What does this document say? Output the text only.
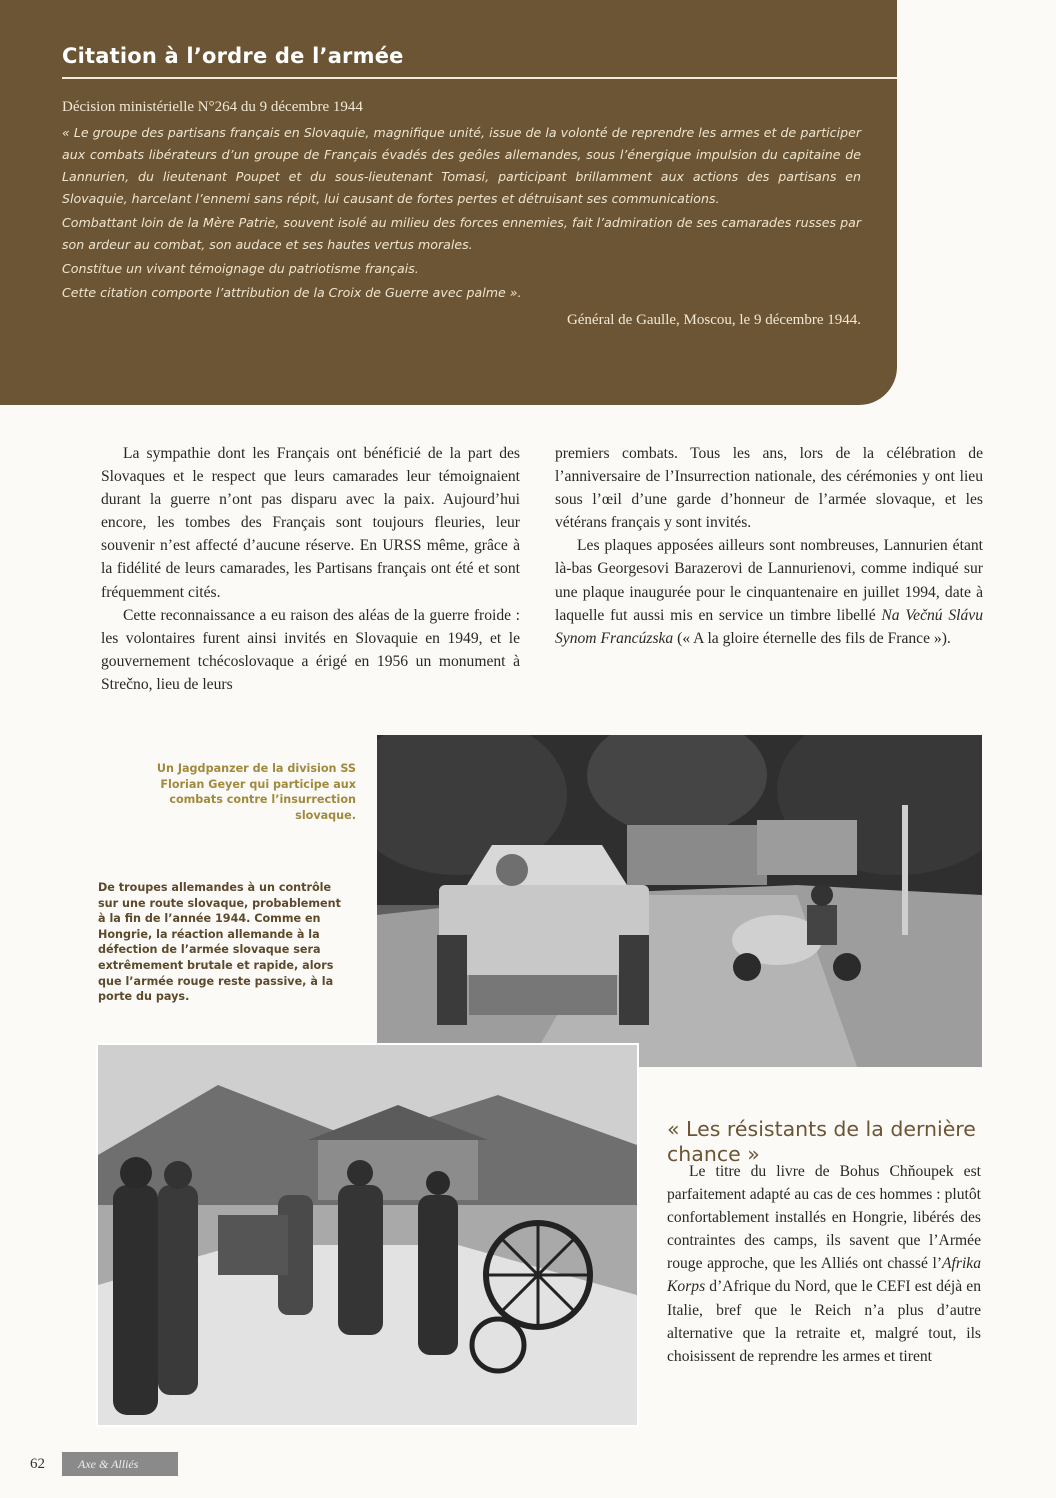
Citation à l’ordre de l’armée

Décision ministérielle N°264 du 9 décembre 1944

« Le groupe des partisans français en Slovaquie, magnifique unité, issue de la volonté de reprendre les armes et de participer aux combats libérateurs d’un groupe de Français évadés des geôles allemandes, sous l’énergique impulsion du capitaine de Lannurien, du lieutenant Poupet et du sous-lieutenant Tomasi, participant brillamment aux actions des partisans en Slovaquie, harcelant l’ennemi sans répit, lui causant de fortes pertes et détruisant ses communications.

Combattant loin de la Mère Patrie, souvent isolé au milieu des forces ennemies, fait l’admiration de ses camarades russes par son ardeur au combat, son audace et ses hautes vertus morales.

Constitue un vivant témoignage du patriotisme français.

Cette citation comporte l’attribution de la Croix de Guerre avec palme ».

Général de Gaulle, Moscou, le 9 décembre 1944.

La sympathie dont les Français ont bénéficié de la part des Slovaques et le respect que leurs camarades leur témoignaient durant la guerre n’ont pas disparu avec la paix. Aujourd’hui encore, les tombes des Français sont toujours fleuries, leur souvenir n’est affecté d’aucune réserve. En URSS même, grâce à la fidélité de leurs camarades, les Partisans français ont été et sont fréquemment cités.

Cette reconnaissance a eu raison des aléas de la guerre froide : les volontaires furent ainsi invités en Slovaquie en 1949, et le gouvernement tchécoslovaque a érigé en 1956 un monument à Strečno, lieu de leurs

premiers combats. Tous les ans, lors de la célébration de l’anniversaire de l’Insurrection nationale, des cérémonies y ont lieu sous l’œil d’une garde d’honneur de l’armée slovaque, et les vétérans français y sont invités.

Les plaques apposées ailleurs sont nombreuses, Lannurien étant là-bas Georgesovi Barazerovi de Lannurienovi, comme indiqué sur une plaque inaugurée pour le cinquantenaire en juillet 1994, date à laquelle fut aussi mis en service un timbre libellé Na Večnú Slávu Synom Francúzska (« A la gloire éternelle des fils de France »).

Un Jagdpanzer de la division SS Florian Geyer qui participe aux combats contre l’insurrection slovaque.
De troupes allemandes à un contrôle sur une route slovaque, probablement à la fin de l’année 1944. Comme en Hongrie, la réaction allemande à la défection de l’armée slovaque sera extrêmement brutale et rapide, alors que l’armée rouge reste passive, à la porte du pays.
« Les résistants de la dernière chance »

Le titre du livre de Bohus Chňoupek est parfaitement adapté au cas de ces hommes : plutôt confortablement installés en Hongrie, libérés des contraintes des camps, ils savent que l’Armée rouge approche, que les Alliés ont chassé l’Afrika Korps d’Afrique du Nord, que le CEFI est déjà en Italie, bref que le Reich n’a plus d’autre alternative que la retraite et, malgré tout, ils choisissent de reprendre les armes et tirent

62	Axe & Alliés
